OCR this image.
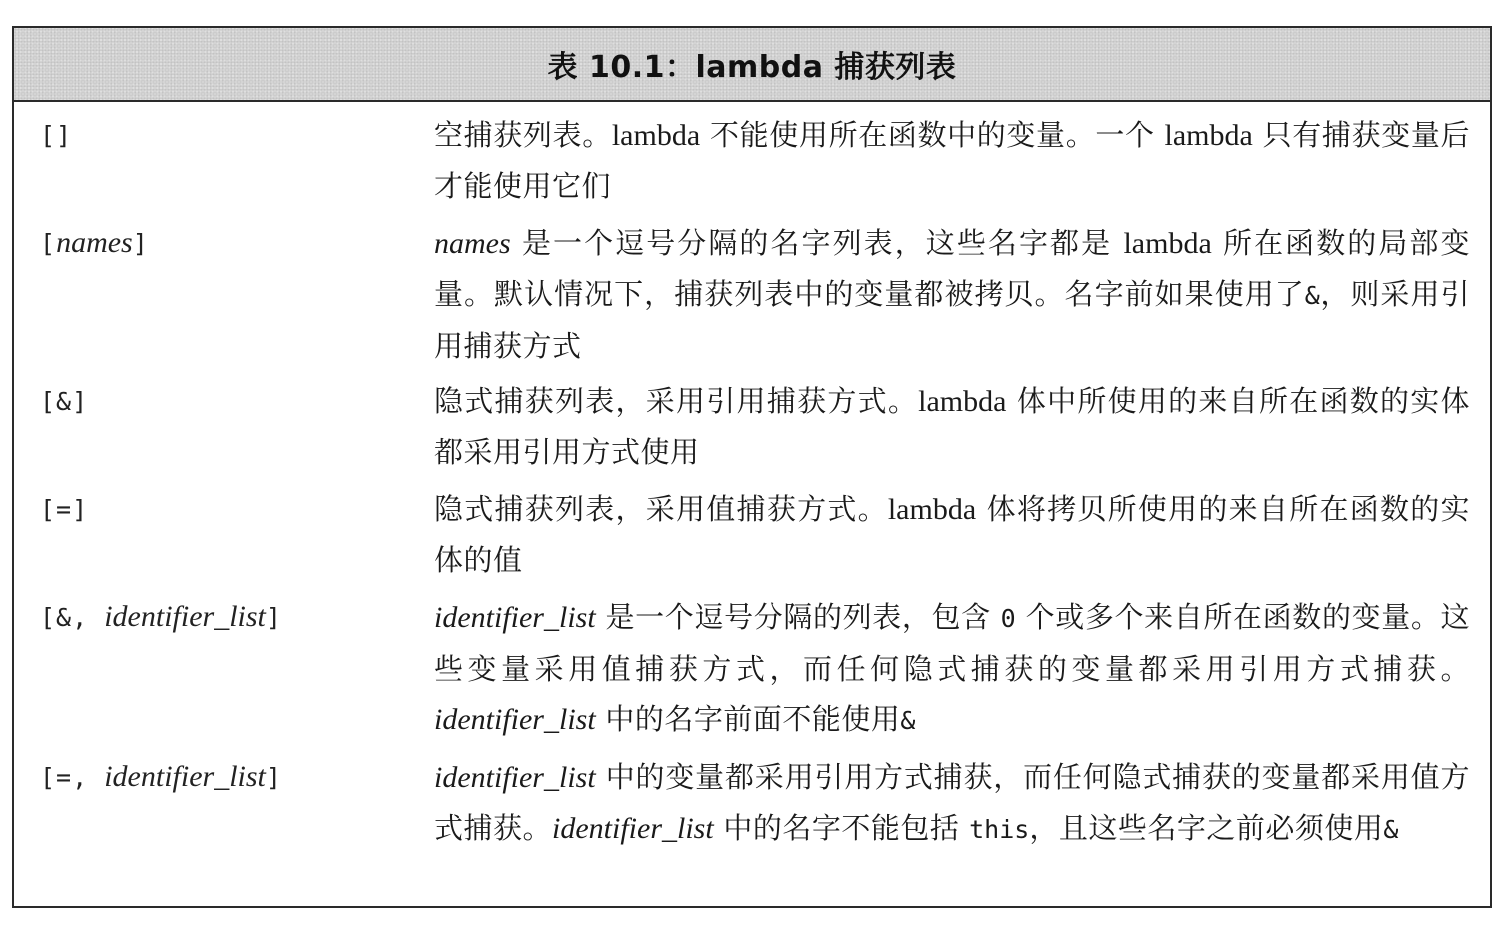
表 10.1：lambda 捕获列表
[]	空捕获列表。lambda 不能使用所在函数中的变量。一个 lambda 只有捕获变量后才能使用它们
[names]	names 是一个逗号分隔的名字列表，这些名字都是 lambda 所在函数的局部变量。默认情况下，捕获列表中的变量都被拷贝。名字前如果使用了&，则采用引用捕获方式
[&]	隐式捕获列表，采用引用捕获方式。lambda 体中所使用的来自所在函数的实体都采用引用方式使用
[=]	隐式捕获列表，采用值捕获方式。lambda 体将拷贝所使用的来自所在函数的实体的值
[&, identifier_list]	identifier_list 是一个逗号分隔的列表，包含 0 个或多个来自所在函数的变量。这些变量采用值捕获方式，而任何隐式捕获的变量都采用引用方式捕获。identifier_list 中的名字前面不能使用&
[=, identifier_list]	identifier_list 中的变量都采用引用方式捕获，而任何隐式捕获的变量都采用值方式捕获。identifier_list 中的名字不能包括 this，且这些名字之前必须使用&
